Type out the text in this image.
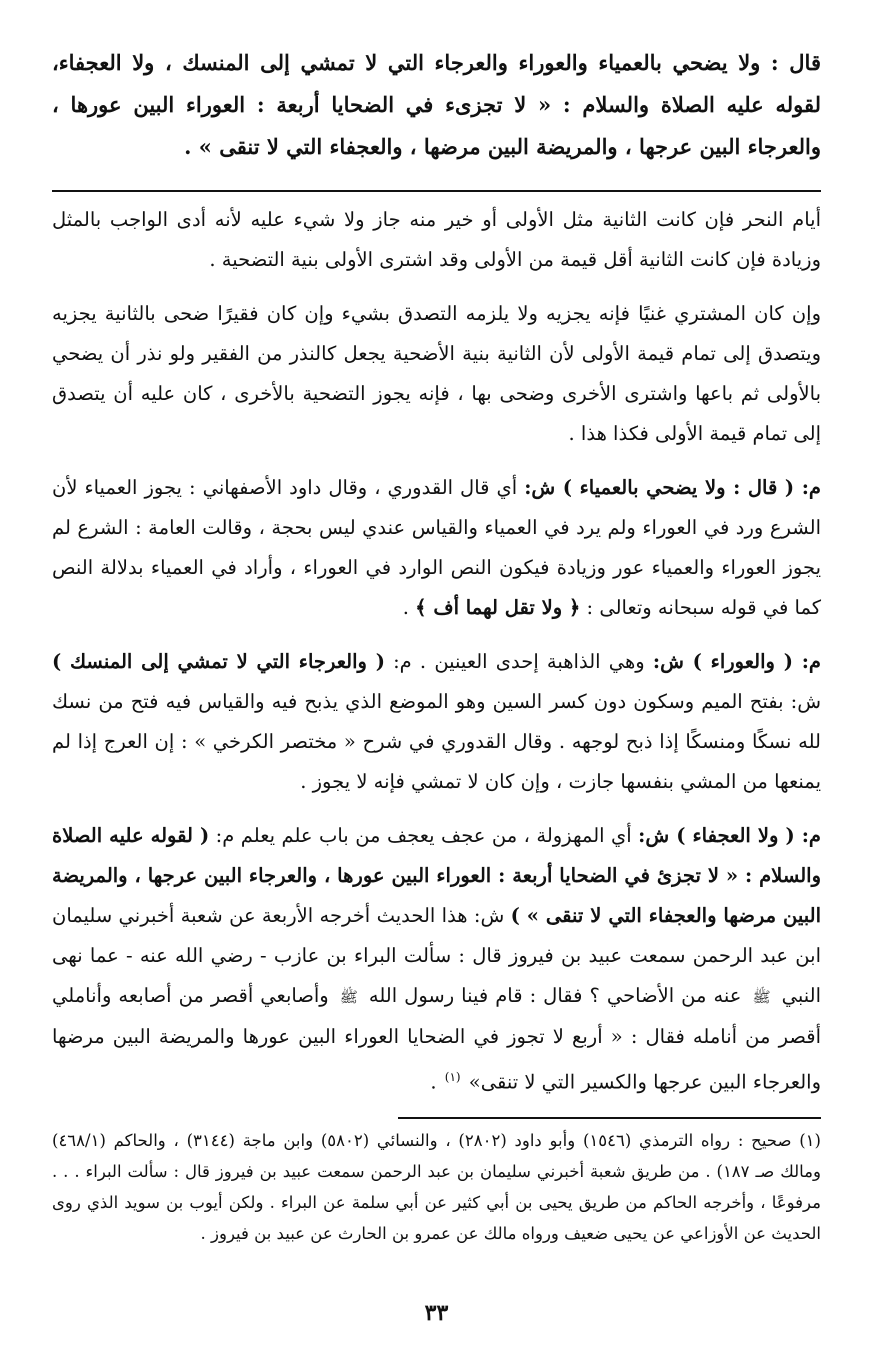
قال : ولا يضحي بالعمياء والعوراء والعرجاء التي لا تمشي إلى المنسك ، ولا العجفاء، لقوله عليه الصلاة والسلام : « لا تجزىء في الضحايا أربعة : العوراء البين عورها ، والعرجاء البين عرجها ، والمريضة البين مرضها ، والعجفاء التي لا تنقى » .

أيام النحر فإن كانت الثانية مثل الأولى أو خير منه جاز ولا شيء عليه لأنه أدى الواجب بالمثل وزيادة فإن كانت الثانية أقل قيمة من الأولى وقد اشترى الأولى بنية التضحية .

وإن كان المشتري غنيًا فإنه يجزيه ولا يلزمه التصدق بشيء وإن كان فقيرًا ضحى بالثانية يجزيه ويتصدق إلى تمام قيمة الأولى لأن الثانية بنية الأضحية يجعل كالنذر من الفقير ولو نذر أن يضحي بالأولى ثم باعها واشترى الأخرى وضحى بها ، فإنه يجوز التضحية بالأخرى ، كان عليه أن يتصدق إلى تمام قيمة الأولى فكذا هذا .

م: ( قال : ولا يضحي بالعمياء ) ش: أي قال القدوري ، وقال داود الأصفهاني : يجوز العمياء لأن الشرع ورد في العوراء ولم يرد في العمياء والقياس عندي ليس بحجة ، وقالت العامة : الشرع لم يجوز العوراء والعمياء عور وزيادة فيكون النص الوارد في العوراء ، وأراد في العمياء بدلالة النص كما في قوله سبحانه وتعالى : ﴿ ولا تقل لهما أف ﴾ .

م: ( والعوراء ) ش: وهي الذاهبة إحدى العينين . م: ( والعرجاء التي لا تمشي إلى المنسك ) ش: بفتح الميم وسكون دون كسر السين وهو الموضع الذي يذبح فيه والقياس فيه فتح من نسك لله نسكًا ومنسكًا إذا ذبح لوجهه . وقال القدوري في شرح « مختصر الكرخي » : إن العرج إذا لم يمنعها من المشي بنفسها جازت ، وإن كان لا تمشي فإنه لا يجوز .

م: ( ولا العجفاء ) ش: أي المهزولة ، من عجف يعجف من باب علم يعلم م: ( لقوله عليه الصلاة والسلام : « لا تجزئ في الضحايا أربعة : العوراء البين عورها ، والعرجاء البين عرجها ، والمريضة البين مرضها والعجفاء التي لا تنقى » ) ش: هذا الحديث أخرجه الأربعة عن شعبة أخبرني سليمان ابن عبد الرحمن سمعت عبيد بن فيروز قال : سألت البراء بن عازب - رضي الله عنه - عما نهى النبي ﷺ عنه من الأضاحي ؟ فقال : قام فينا رسول الله ﷺ وأصابعي أقصر من أصابعه وأناملي أقصر من أنامله فقال : « أربع لا تجوز في الضحايا العوراء البين عورها والمريضة البين مرضها والعرجاء البين عرجها والكسير التي لا تنقى» $^{(١)}$ .

(١) صحيح : رواه الترمذي (١٥٤٦) وأبو داود (٢٨٠٢) ، والنسائي (٥٨٠٢) وابن ماجة (٣١٤٤) ، والحاكم (٤٦٨/١) ومالك صـ ١٨٧) . من طريق شعبة أخبرني سليمان بن عبد الرحمن سمعت عبيد بن فيروز قال : سألت البراء . . . مرفوعًا ، وأخرجه الحاكم من طريق يحيى بن أبي كثير عن أبي سلمة عن البراء . ولكن أيوب بن سويد الذي روى الحديث عن الأوزاعي عن يحيى ضعيف ورواه مالك عن عمرو بن الحارث عن عبيد بن فيروز .

٣٣
